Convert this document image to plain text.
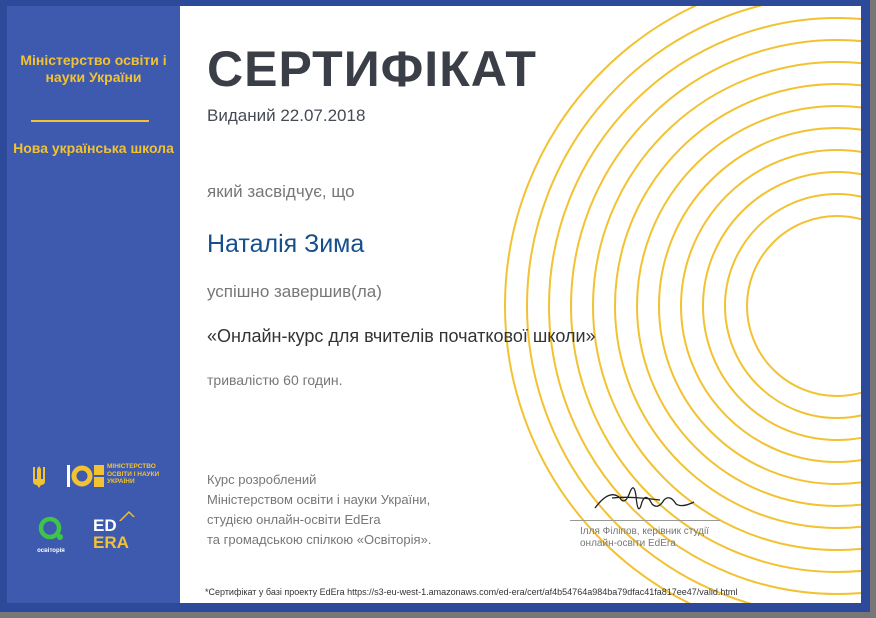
Міністерство освіти і науки України
Нова українська школа
МІНІСТЕРСТВО ОСВІТИ І НАУКИ УКРАЇНИ
освіторія
ED
ERA
СЕРТИФІКАТ
Виданий 22.07.2018
який засвідчує, що
Наталія Зима
успішно завершив(ла)
«Онлайн-курс для вчителів початкової школи»
тривалістю 60 годин.
Курс розроблений
Міністерством освіти і науки України,
студією онлайн-освіти EdEra
та громадською спілкою «Освіторія».
Ілля Філіпов, керівник студії
онлайн-освіти EdEra
*Сертифікат у базі проекту EdEra https://s3-eu-west-1.amazonaws.com/ed-era/cert/af4b54764a984ba79dfac41fa817ee47/valid.html
